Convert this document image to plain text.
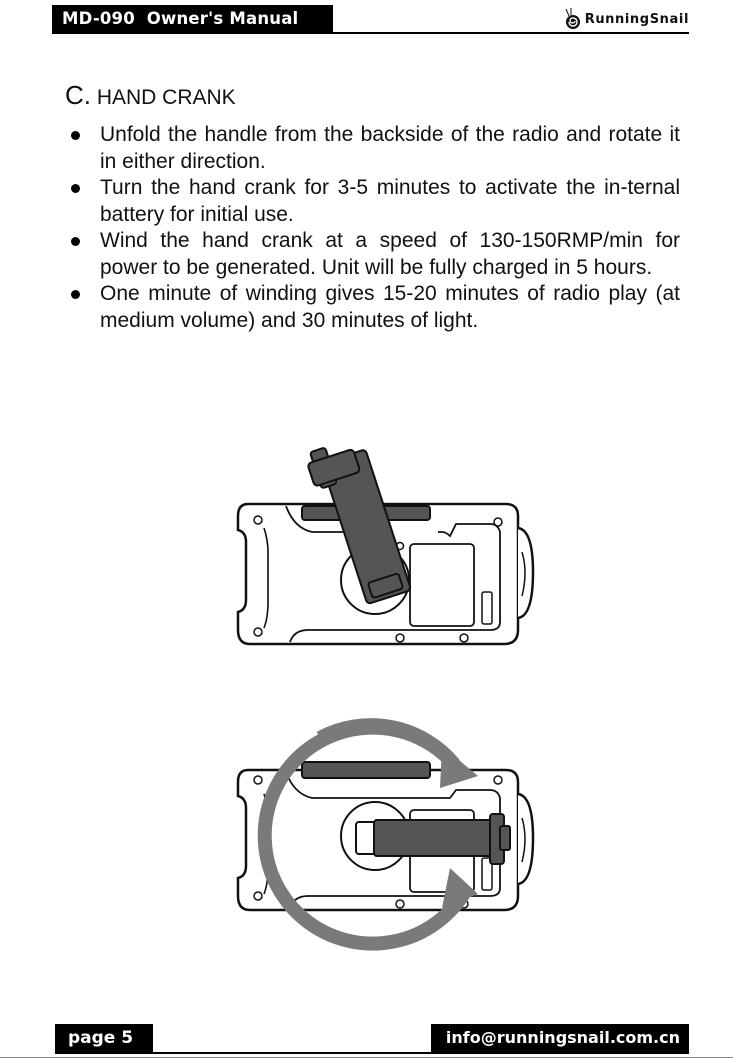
MD-090  Owner's Manual	RunningSnail
C. HAND CRANK
Unfold the handle from the backside of the radio and rotate it in either direction.
Turn the hand crank for 3-5 minutes to activate the in-ternal battery for initial use.
Wind the hand crank at a speed of 130-150RMP/min for power to be generated. Unit will be fully charged in 5 hours.
One minute of winding gives 15-20 minutes of radio play (at medium volume) and 30 minutes of light.
page 5	info@runningsnail.com.cn
